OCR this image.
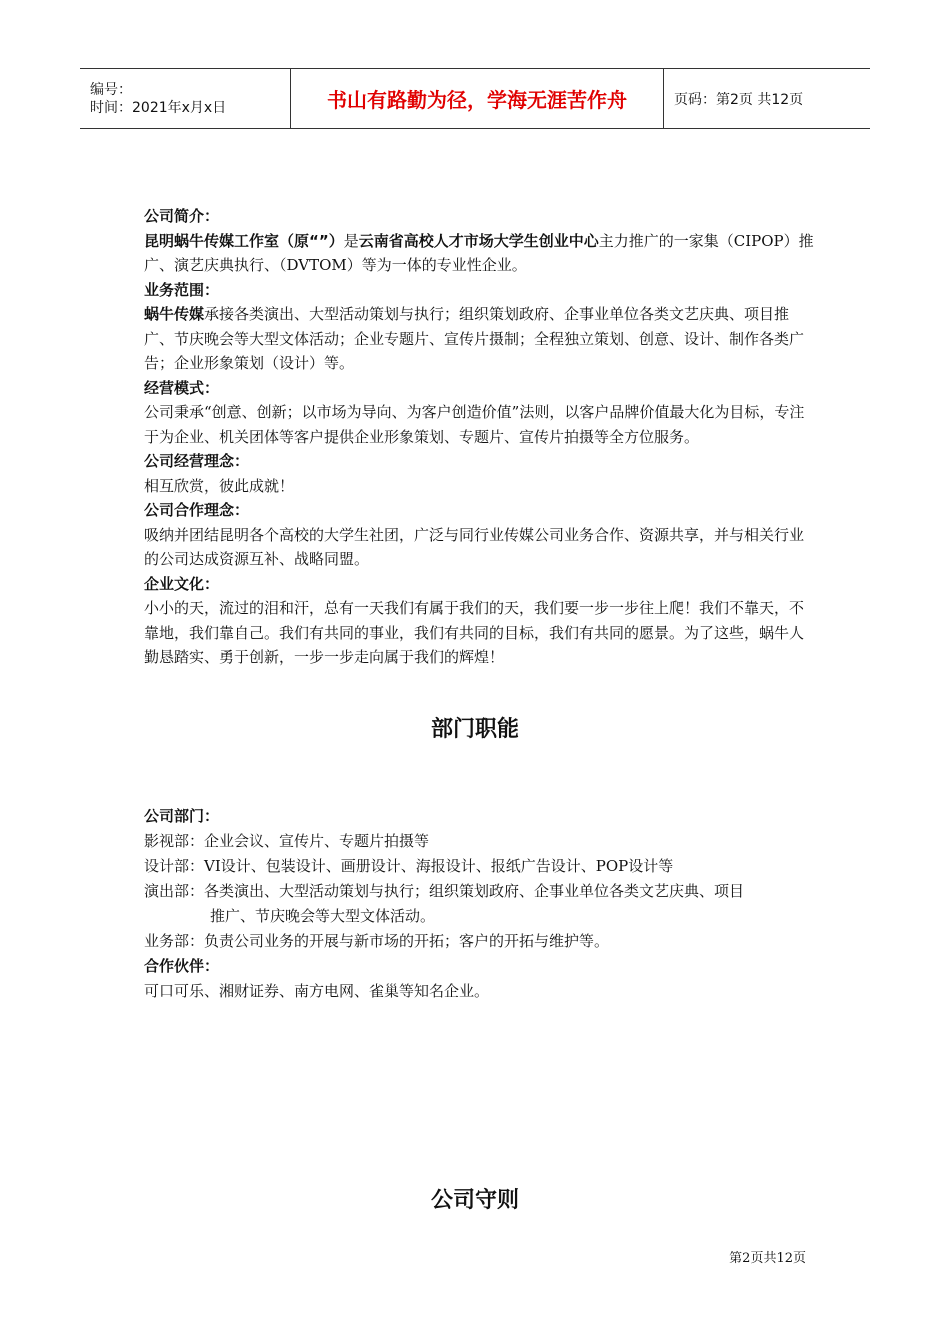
编号：
时间：2021年x月x日	书山有路勤为径，学海无涯苦作舟	页码：第2页 共12页

公司简介：

昆明蜗牛传媒工作室（原“”）是云南省高校人才市场大学生创业中心主力推广的一家集（CIPOP）推广、演艺庆典执行、（DVTOM）等为一体的专业性企业。

业务范围：

蜗牛传媒承接各类演出、大型活动策划与执行；组织策划政府、企事业单位各类文艺庆典、项目推广、节庆晚会等大型文体活动；企业专题片、宣传片摄制；全程独立策划、创意、设计、制作各类广告；企业形象策划（设计）等。

经营模式：

公司秉承“创意、创新；以市场为导向、为客户创造价值”法则，以客户品牌价值最大化为目标，专注于为企业、机关团体等客户提供企业形象策划、专题片、宣传片拍摄等全方位服务。

公司经营理念：

相互欣赏，彼此成就！

公司合作理念：

吸纳并团结昆明各个高校的大学生社团，广泛与同行业传媒公司业务合作、资源共享，并与相关行业的公司达成资源互补、战略同盟。

企业文化：

小小的天，流过的泪和汗，总有一天我们有属于我们的天，我们要一步一步往上爬！我们不靠天，不靠地，我们靠自己。我们有共同的事业，我们有共同的目标，我们有共同的愿景。为了这些，蜗牛人勤恳踏实、勇于创新，一步一步走向属于我们的辉煌！

部门职能

公司部门：

影视部：企业会议、宣传片、专题片拍摄等

设计部：VI设计、包装设计、画册设计、海报设计、报纸广告设计、POP设计等

演出部：各类演出、大型活动策划与执行；组织策划政府、企事业单位各类文艺庆典、项目

推广、节庆晚会等大型文体活动。

业务部：负责公司业务的开展与新市场的开拓；客户的开拓与维护等。

合作伙伴：

可口可乐、湘财证券、南方电网、雀巢等知名企业。

公司守则
第2页共12页
